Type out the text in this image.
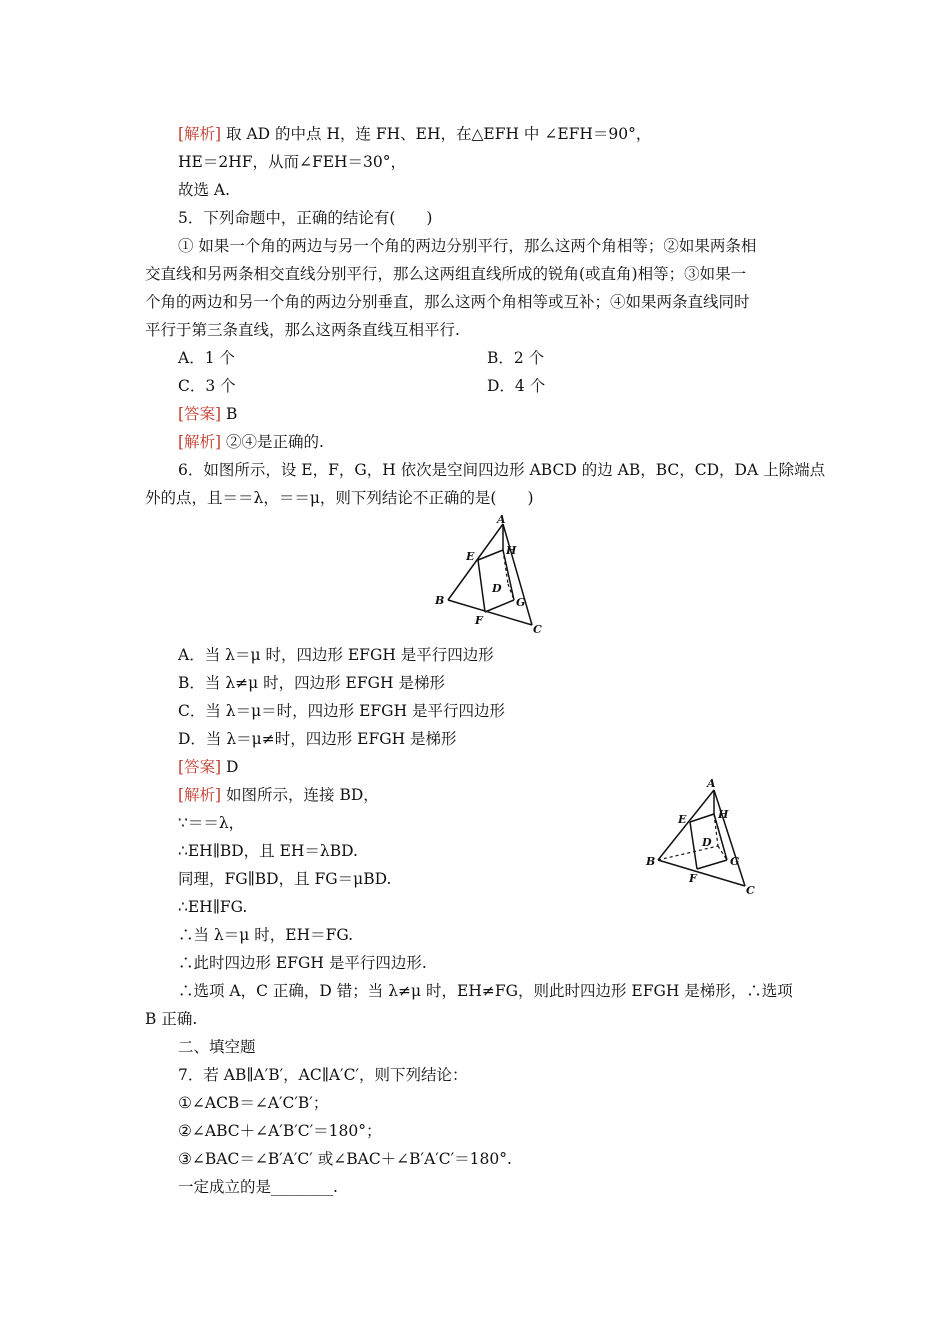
[解析] 取 AD 的中点 H，连 FH、EH，在△EFH 中 ∠EFH＝90°，
HE＝2HF，从而∠FEH＝30°，
故选 A.
5．下列命题中，正确的结论有(　　)
① 如果一个角的两边与另一个角的两边分别平行，那么这两个角相等；②如果两条相
交直线和另两条相交直线分别平行，那么这两组直线所成的锐角(或直角)相等；③如果一
个角的两边和另一个角的两边分别垂直，那么这两个角相等或互补；④如果两条直线同时
平行于第三条直线，那么这两条直线互相平行.
A．1 个	B．2 个
C．3 个	D．4 个
[答案] B
[解析] ②④是正确的.
6．如图所示，设 E，F，G，H 依次是空间四边形 ABCD 的边 AB，BC，CD，DA 上除端点
外的点，且＝＝λ，＝＝μ，则下列结论不正确的是(　　)
A
B
C
D
E
F
G
H
A．当 λ＝μ 时，四边形 EFGH 是平行四边形
B．当 λ≠μ 时，四边形 EFGH 是梯形
C．当 λ＝μ＝时，四边形 EFGH 是平行四边形
D．当 λ＝μ≠时，四边形 EFGH 是梯形
[答案] D
[解析] 如图所示，连接 BD，
∵＝＝λ，
∴EH∥BD，且 EH＝λBD.
同理，FG∥BD，且 FG＝μBD.
∴EH∥FG.
∴当 λ＝μ 时，EH＝FG.
∴此时四边形 EFGH 是平行四边形.
∴选项 A，C 正确，D 错；当 λ≠μ 时，EH≠FG，则此时四边形 EFGH 是梯形，∴选项
B 正确.
A
B
C
D
E
F
G
H
二、填空题
7．若 AB∥A′B′，AC∥A′C′，则下列结论：
①∠ACB＝∠A′C′B′；
②∠ABC＋∠A′B′C′＝180°；
③∠BAC＝∠B′A′C′ 或∠BAC＋∠B′A′C′＝180°.
一定成立的是________.
